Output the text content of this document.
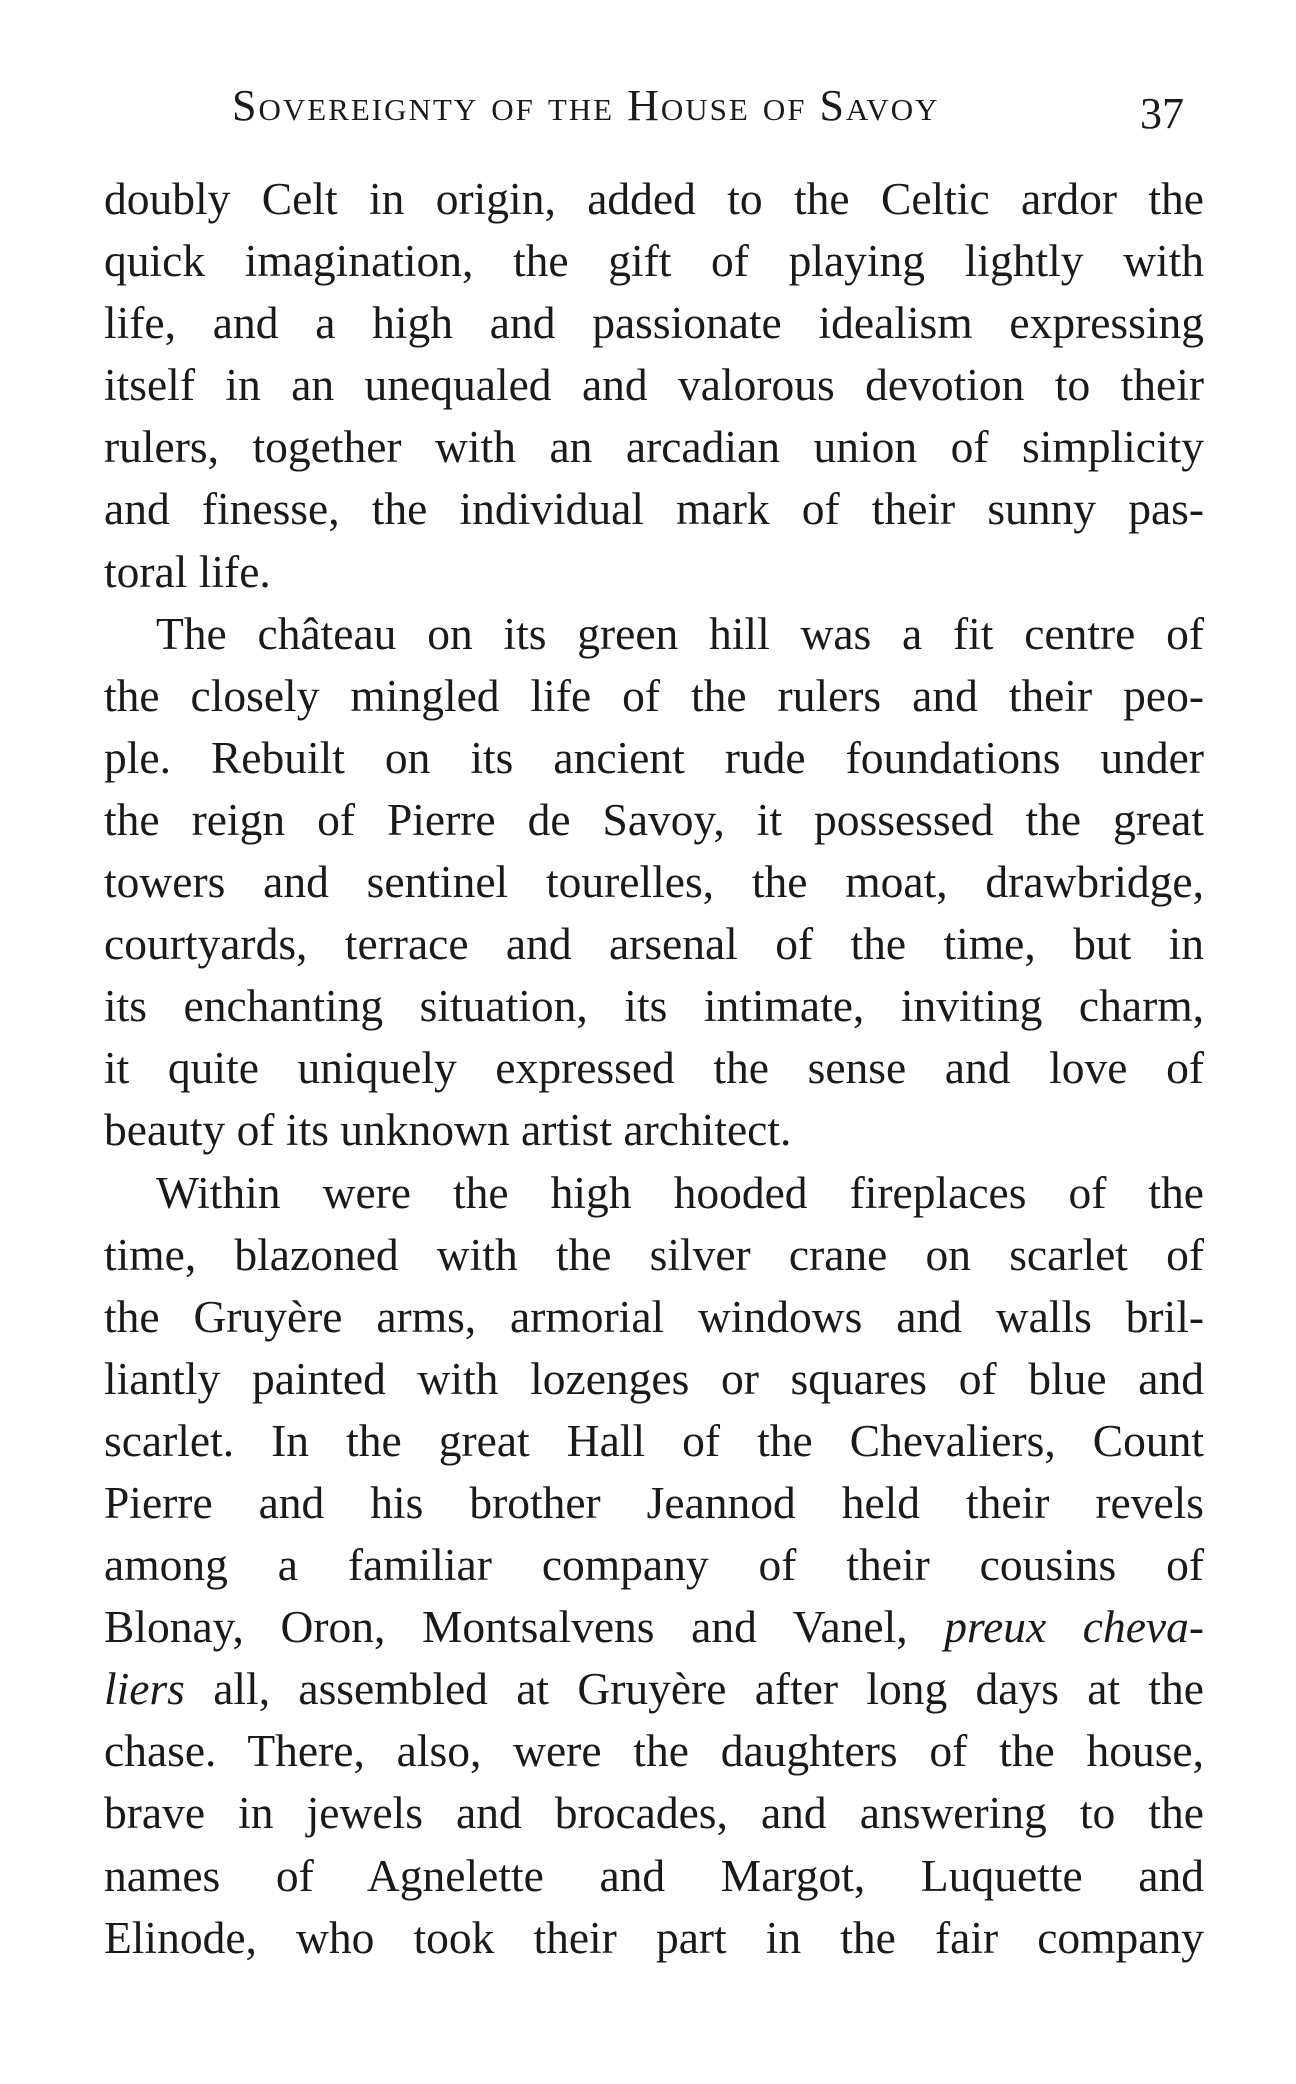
Sovereignty of the House of Savoy	37
doubly Celt in origin, added to the Celtic ardor the
quick imagination, the gift of playing lightly with
life, and a high and passionate idealism expressing
itself in an unequaled and valorous devotion to their
rulers, together with an arcadian union of simplicity
and finesse, the individual mark of their sunny pas-
toral life.
The château on its green hill was a fit centre of
the closely mingled life of the rulers and their peo-
ple. Rebuilt on its ancient rude foundations under
the reign of Pierre de Savoy, it possessed the great
towers and sentinel tourelles, the moat, drawbridge,
courtyards, terrace and arsenal of the time, but in
its enchanting situation, its intimate, inviting charm,
it quite uniquely expressed the sense and love of
beauty of its unknown artist architect.
Within were the high hooded fireplaces of the
time, blazoned with the silver crane on scarlet of
the Gruyère arms, armorial windows and walls bril-
liantly painted with lozenges or squares of blue and
scarlet. In the great Hall of the Chevaliers, Count
Pierre and his brother Jeannod held their revels
among a familiar company of their cousins of
Blonay, Oron, Montsalvens and Vanel, preux cheva-
liers all, assembled at Gruyère after long days at the
chase. There, also, were the daughters of the house,
brave in jewels and brocades, and answering to the
names of Agnelette and Margot, Luquette and
Elinode, who took their part in the fair company
